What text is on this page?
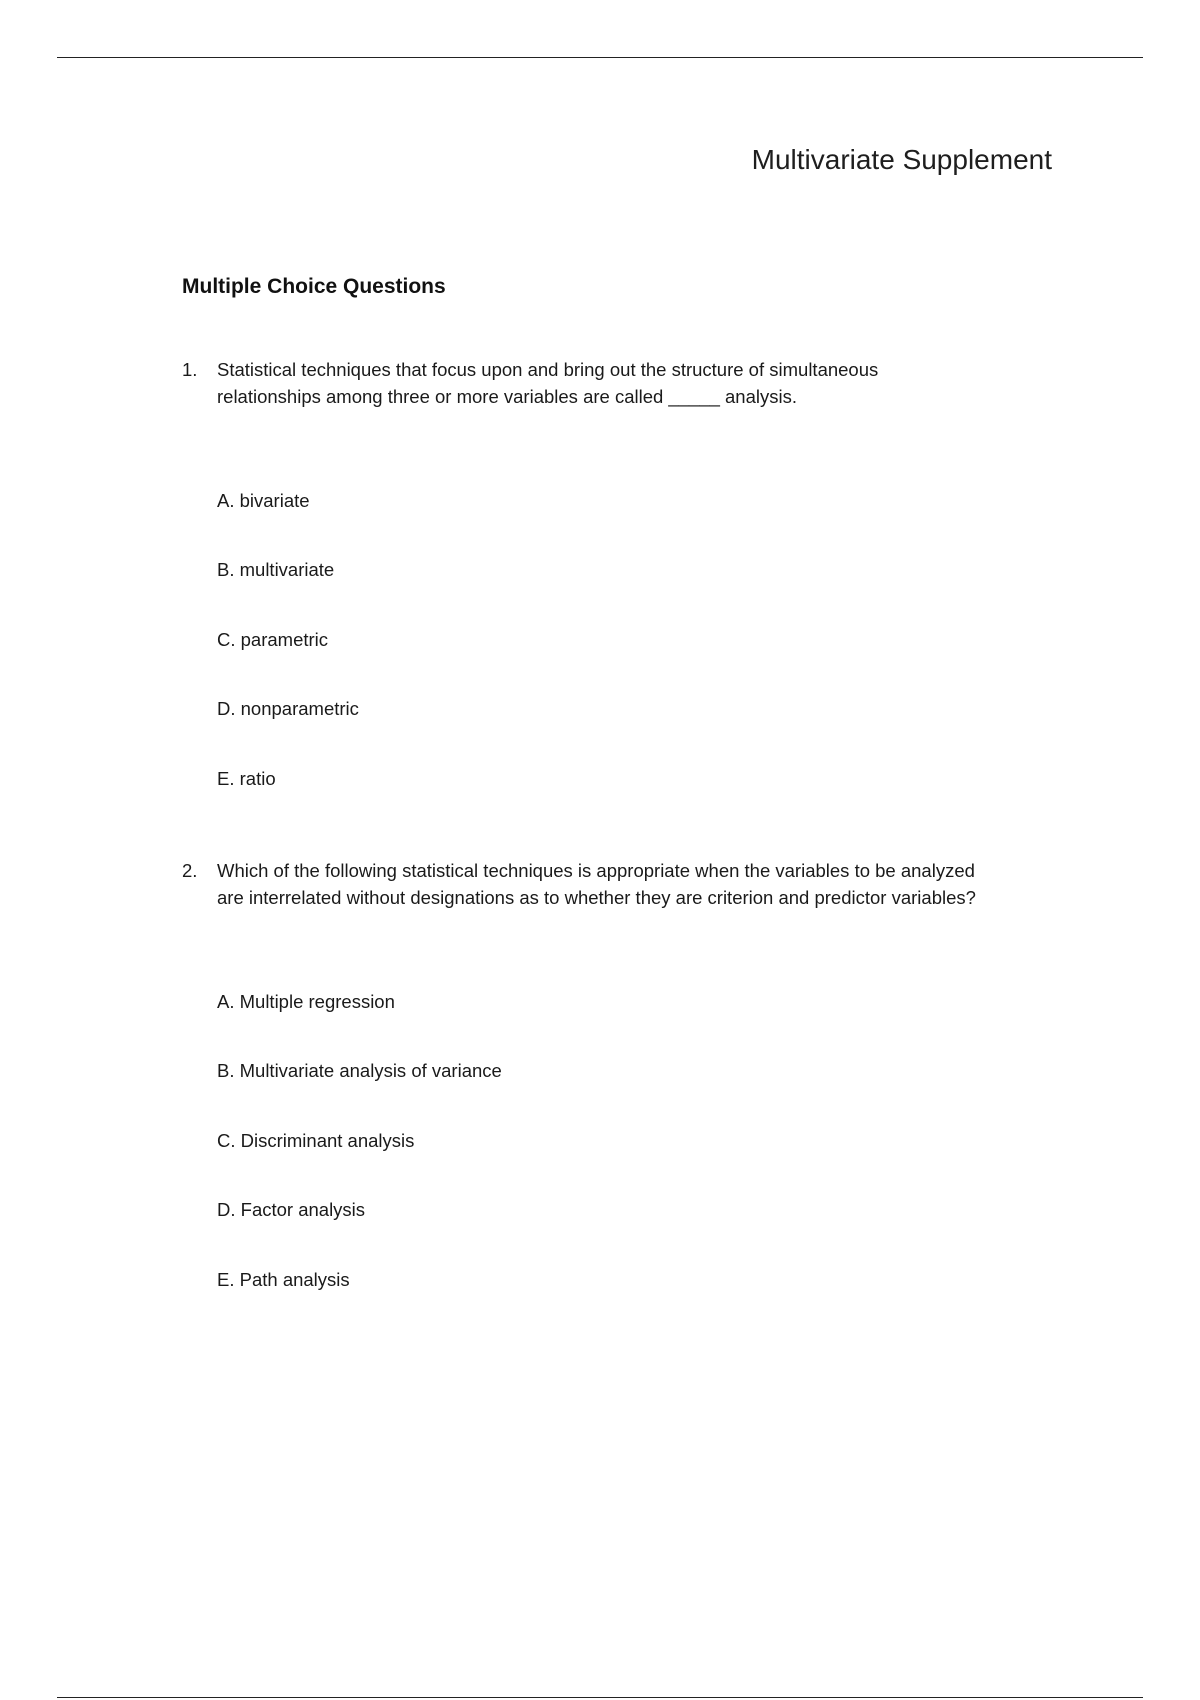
Multivariate Supplement
Multiple Choice Questions
1. Statistical techniques that focus upon and bring out the structure of simultaneous
relationships among three or more variables are called _____ analysis.
A. bivariate
B. multivariate
C. parametric
D. nonparametric
E. ratio
2. Which of the following statistical techniques is appropriate when the variables to be analyzed
are interrelated without designations as to whether they are criterion and predictor variables?
A. Multiple regression
B. Multivariate analysis of variance
C. Discriminant analysis
D. Factor analysis
E. Path analysis
